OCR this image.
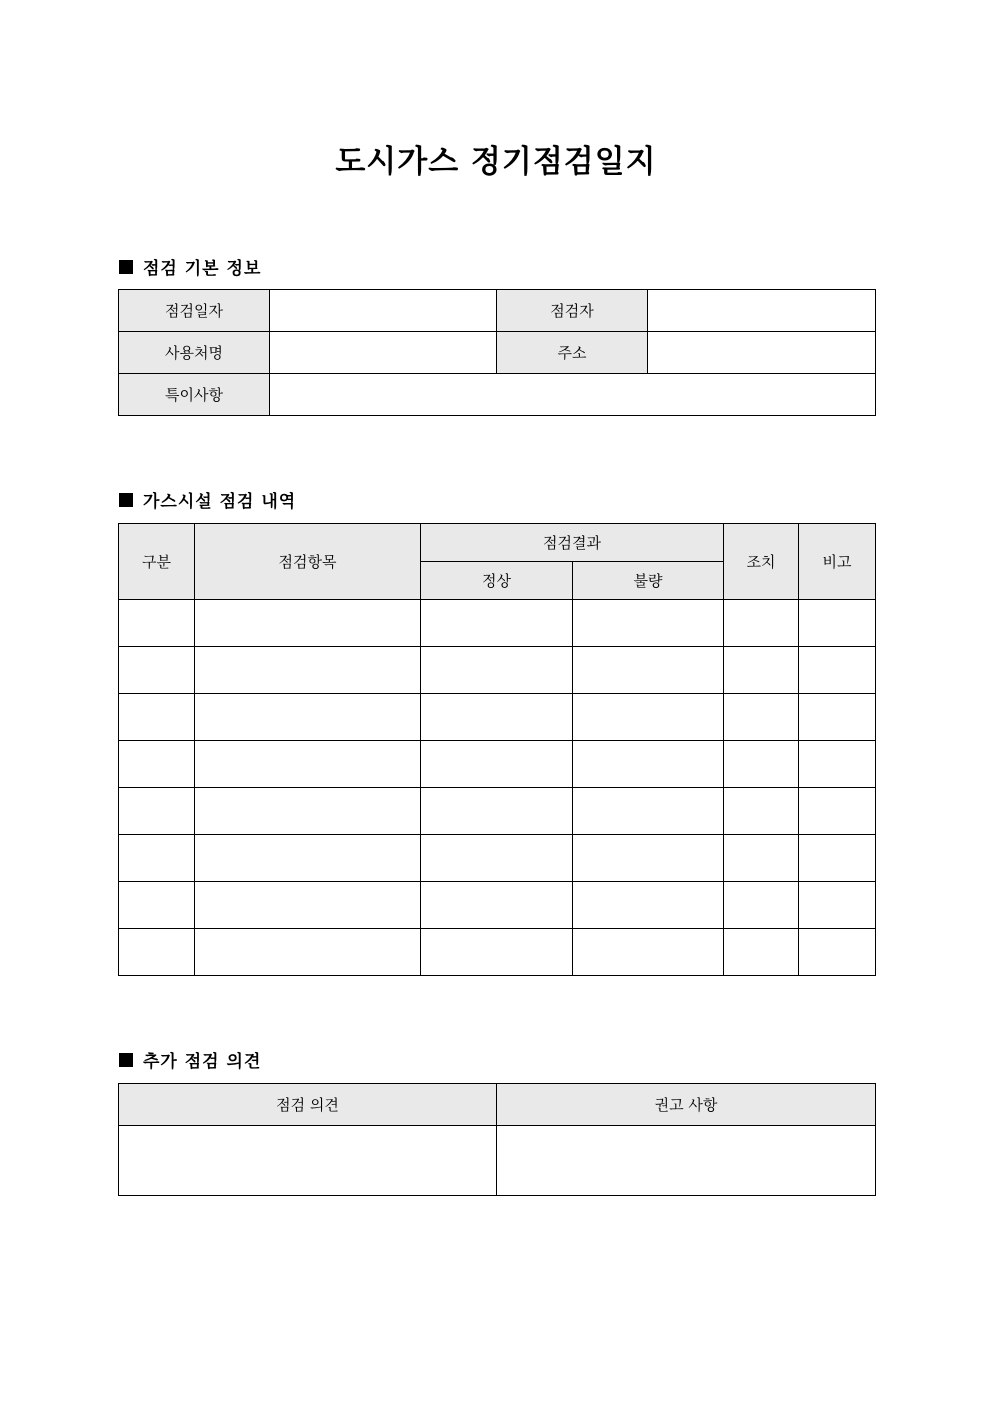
도시가스 정기점검일지
점검 기본 정보
점검일자		점검자	
사용처명		주소	
특이사항			
가스시설 점검 내역
구분	점검항목	점검결과		조치	비고
		정상	불량		

추가 점검 의견
점검 의견	권고 사항
